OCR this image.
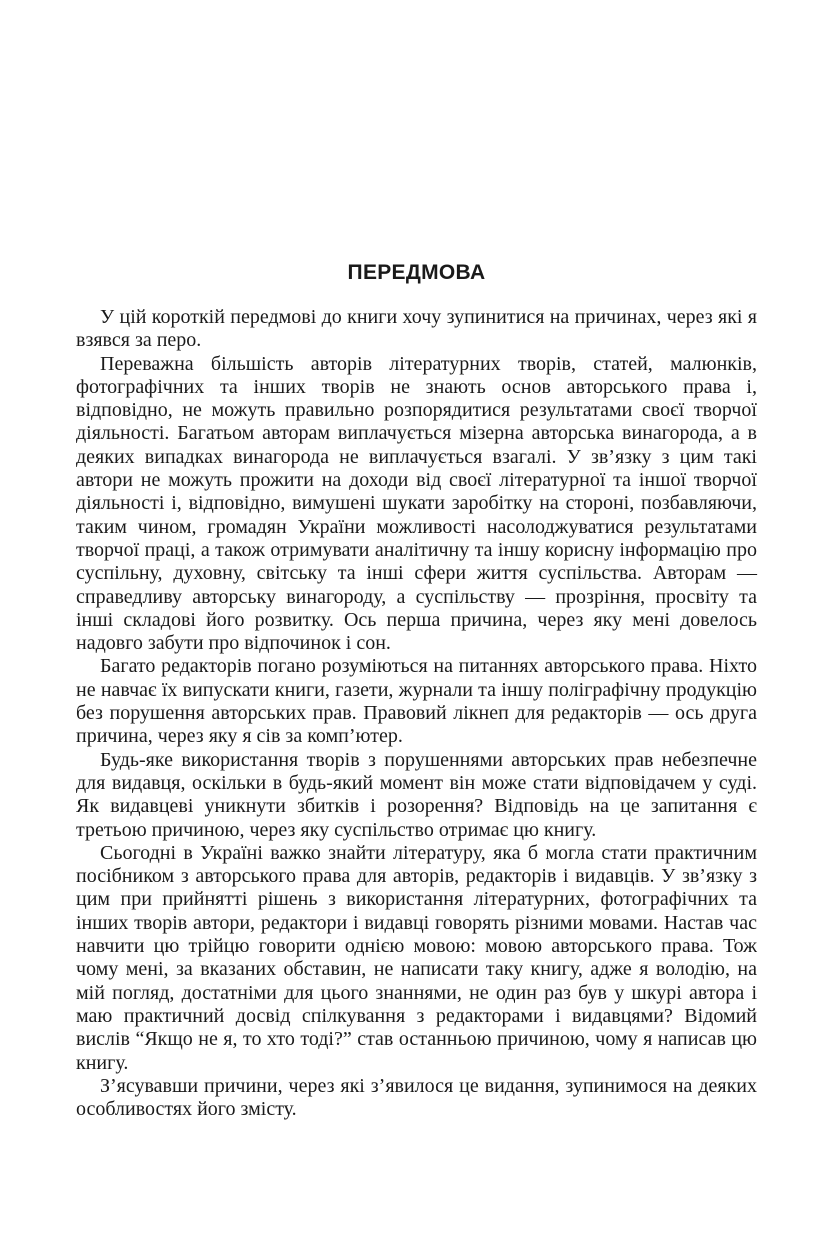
ПЕРЕДМОВА

У цій короткій передмові до книги хочу зупинитися на причинах, через які я взявся за перо.

Переважна більшість авторів літературних творів, статей, малюнків, фотографічних та інших творів не знають основ авторського права і, відповідно, не можуть правильно розпорядитися результатами своєї творчої діяльності. Багатьом авторам виплачується мізерна авторська винагорода, а в деяких випадках винагорода не виплачується взагалі. У зв’язку з цим такі автори не можуть прожити на доходи від своєї літературної та іншої творчої діяльності і, відповідно, вимушені шукати заробітку на стороні, позбавляючи, таким чином, громадян України можливості насолоджуватися результатами творчої праці, а також отримувати аналітичну та іншу корисну інформацію про суспільну, духовну, світську та інші сфери життя суспільства. Авторам — справедливу авторську винагороду, а суспільству — прозріння, просвіту та інші складові його розвитку. Ось перша причина, через яку мені довелось надовго забути про відпочинок і сон.

Багато редакторів погано розуміються на питаннях авторського права. Ніхто не навчає їх випускати книги, газети, журнали та іншу поліграфічну продукцію без порушення авторських прав. Правовий лікнеп для редакторів — ось друга причина, через яку я сів за комп’ютер.

Будь-яке використання творів з порушеннями авторських прав небезпечне для видавця, оскільки в будь-який момент він може стати відповідачем у суді. Як видавцеві уникнути збитків і розорення? Відповідь на це запитання є третьою причиною, через яку суспільство отримає цю книгу.

Сьогодні в Україні важко знайти літературу, яка б могла стати практичним посібником з авторського права для авторів, редакторів і видавців. У зв’язку з цим при прийнятті рішень з використання літературних, фотографічних та інших творів автори, редактори і видавці говорять різними мовами. Настав час навчити цю трійцю говорити однією мовою: мовою авторського права. Тож чому мені, за вказаних обставин, не написати таку книгу, адже я володію, на мій погляд, достатніми для цього знаннями, не один раз був у шкурі автора і маю практичний досвід спілкування з редакторами і видавцями? Відомий вислів “Якщо не я, то хто тоді?” став останньою причиною, чому я написав цю книгу.

З’ясувавши причини, через які з’явилося це видання, зупинимося на деяких особливостях його змісту.
